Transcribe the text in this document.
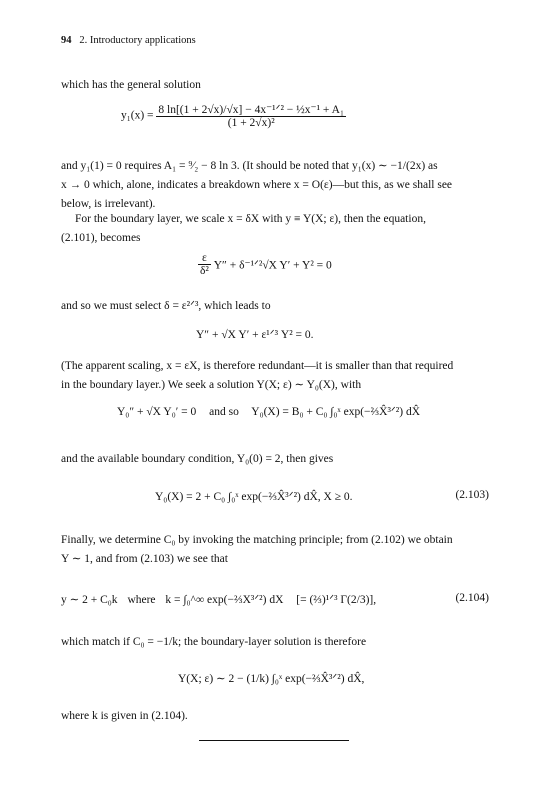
94 2. Introductory applications
which has the general solution
$y_1(x) = \frac{\text{8 ln[(1 + 2√x)/√x] − 4x⁻¹ᐟ² − ½x⁻¹ + A₁}}{\text{(1 + 2√x)²}}$
and y₁(1) = 0 requires A₁ = ⁹⁄₂ − 8 ln 3. (It should be noted that y₁(x) ∼ −1/(2x) as
x → 0 which, alone, indicates a breakdown where x = O(ε)—but this, as we shall see
below, is irrelevant).
For the boundary layer, we scale x = δX with y ≡ Y(X; ε), then the equation,
(2.101), becomes
$\frac{\varepsilon}{\text{δ²}} Y''$ + δ⁻¹ᐟ²√X Y′ + Y² = 0
and so we must select δ = ε²ᐟ³, which leads to
Y″ + √X Y′ + ε¹ᐟ³ Y² = 0.
(The apparent scaling, x = εX, is therefore redundant—it is smaller than that required
in the boundary layer.) We seek a solution Y(X; ε) ∼ Y₀(X), with
Y₀″ + √X Y₀′ = 0 and so Y₀(X) = B₀ + C₀ ∫₀ˣ exp(−⅔X̂³ᐟ²) dX̂
and the available boundary condition, Y₀(0) = 2, then gives
Y₀(X) = 2 + C₀ ∫₀ˣ exp(−⅔X̂³ᐟ²) dX̂, X ≥ 0.	(2.103)
Finally, we determine C₀ by invoking the matching principle; from (2.102) we obtain
Y ∼ 1, and from (2.103) we see that
y ∼ 2 + C₀k where k = ∫₀^∞ exp(−⅔X³ᐟ²) dX [= (⅔)¹ᐟ³ Γ(2/3)],	(2.104)
which match if C₀ = −1/k; the boundary-layer solution is therefore
Y(X; ε) ∼ 2 − (1/k) ∫₀ˣ exp(−⅔X̂³ᐟ²) dX̂,
where k is given in (2.104).
